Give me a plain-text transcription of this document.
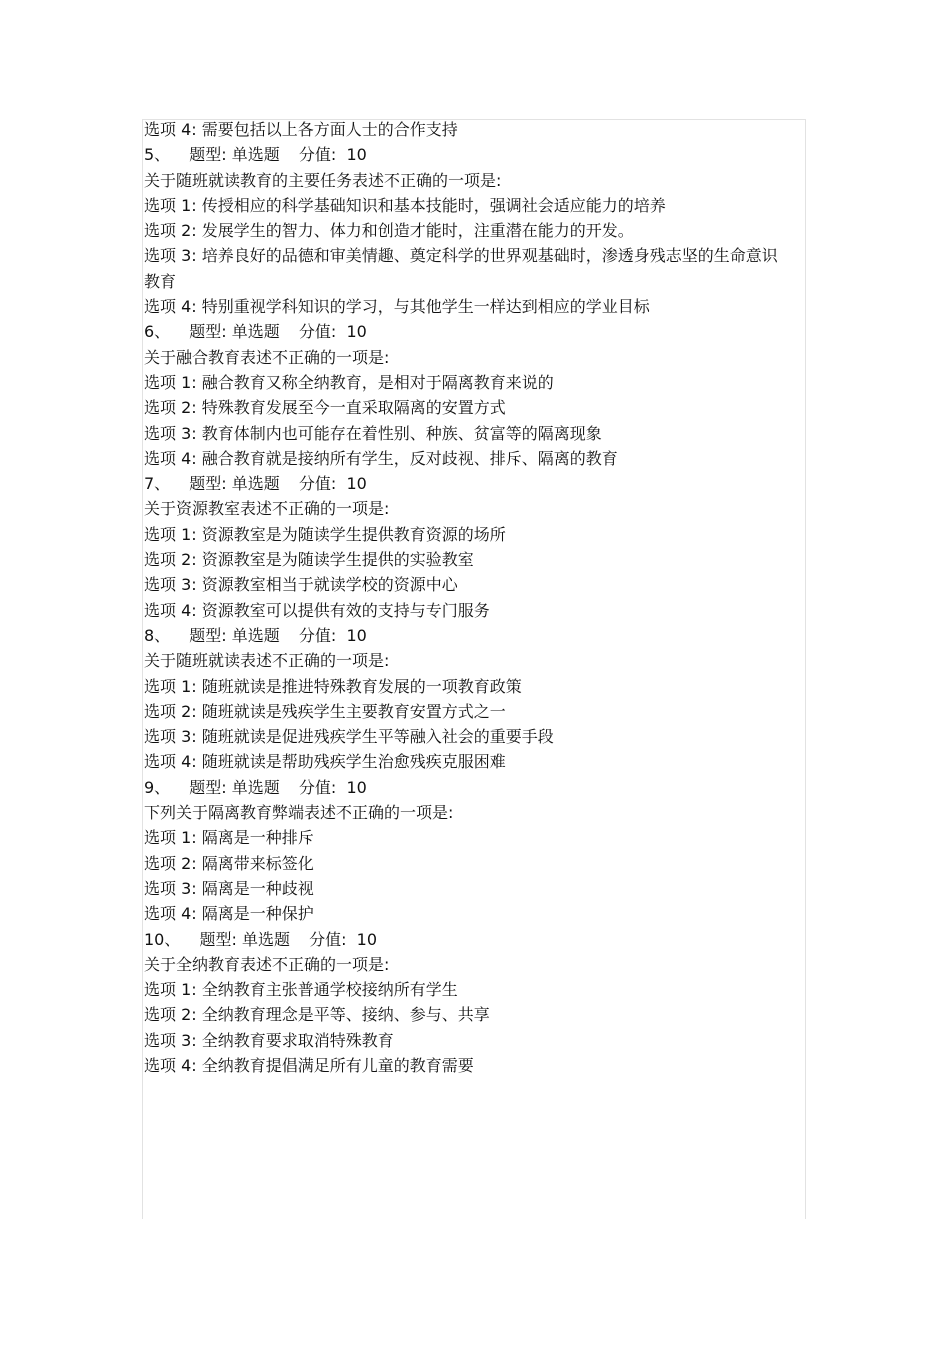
选项 4: 需要包括以上各方面人士的合作支持

5、 题型: 单选题 分值: 10

关于随班就读教育的主要任务表述不正确的一项是:

选项 1: 传授相应的科学基础知识和基本技能时，强调社会适应能力的培养

选项 2: 发展学生的智力、体力和创造才能时，注重潜在能力的开发。

选项 3: 培养良好的品德和审美情趣、奠定科学的世界观基础时，渗透身残志坚的生命意识教育

选项 4: 特别重视学科知识的学习，与其他学生一样达到相应的学业目标

6、 题型: 单选题 分值: 10

关于融合教育表述不正确的一项是:

选项 1: 融合教育又称全纳教育，是相对于隔离教育来说的

选项 2: 特殊教育发展至今一直采取隔离的安置方式

选项 3: 教育体制内也可能存在着性别、种族、贫富等的隔离现象

选项 4: 融合教育就是接纳所有学生，反对歧视、排斥、隔离的教育

7、 题型: 单选题 分值: 10

关于资源教室表述不正确的一项是:

选项 1: 资源教室是为随读学生提供教育资源的场所

选项 2: 资源教室是为随读学生提供的实验教室

选项 3: 资源教室相当于就读学校的资源中心

选项 4: 资源教室可以提供有效的支持与专门服务

8、 题型: 单选题 分值: 10

关于随班就读表述不正确的一项是:

选项 1: 随班就读是推进特殊教育发展的一项教育政策

选项 2: 随班就读是残疾学生主要教育安置方式之一

选项 3: 随班就读是促进残疾学生平等融入社会的重要手段

选项 4: 随班就读是帮助残疾学生治愈残疾克服困难

9、 题型: 单选题 分值: 10

下列关于隔离教育弊端表述不正确的一项是:

选项 1: 隔离是一种排斥

选项 2: 隔离带来标签化

选项 3: 隔离是一种歧视

选项 4: 隔离是一种保护

10、 题型: 单选题 分值: 10

关于全纳教育表述不正确的一项是:

选项 1: 全纳教育主张普通学校接纳所有学生

选项 2: 全纳教育理念是平等、接纳、参与、共享

选项 3: 全纳教育要求取消特殊教育

选项 4: 全纳教育提倡满足所有儿童的教育需要
